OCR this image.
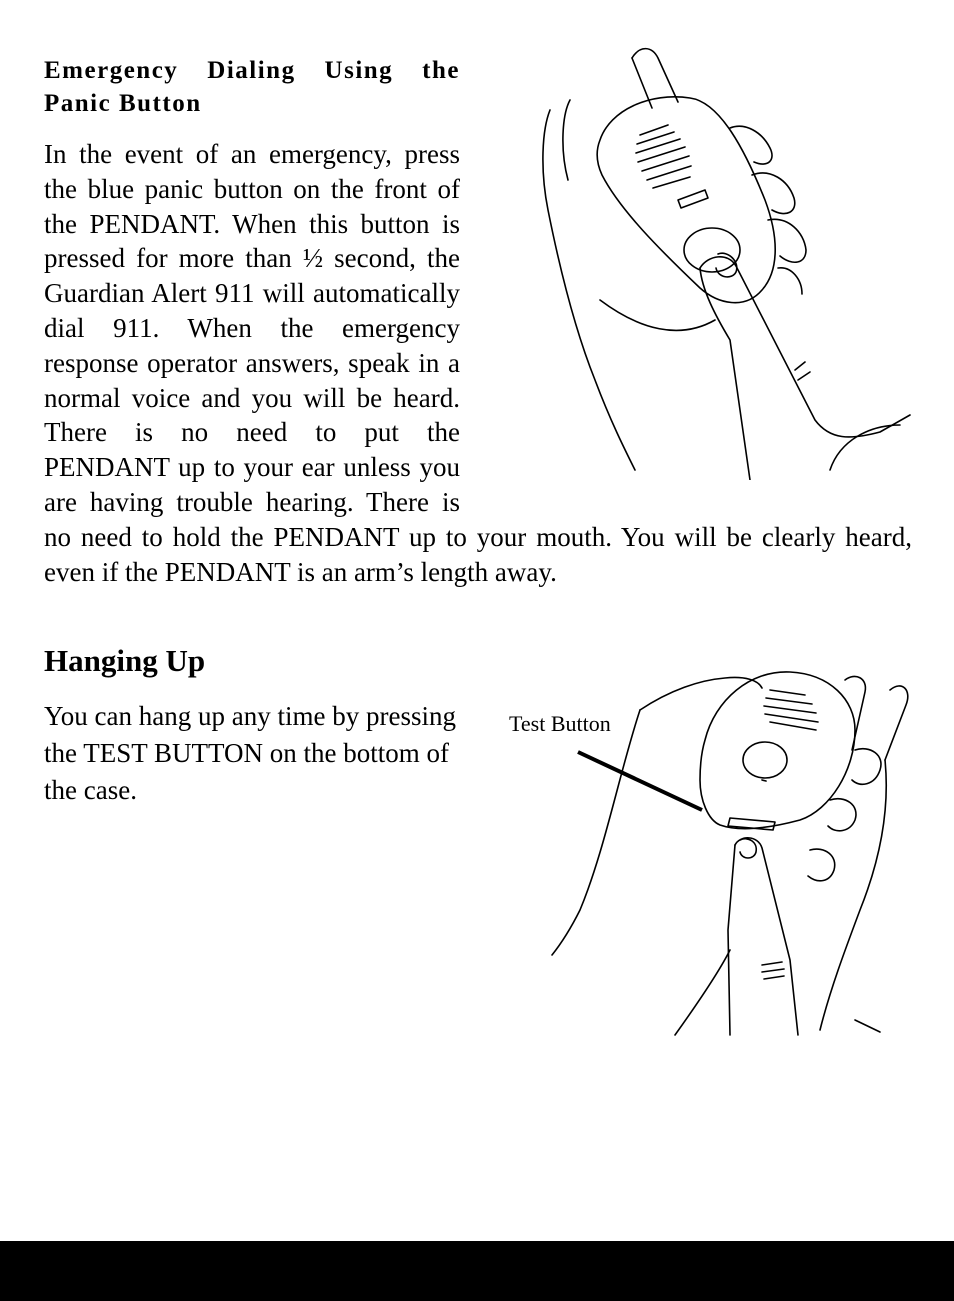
Emergency Dialing Using the Panic Button
In the event of an emergency, press the blue panic button on the front of the PENDANT. When this button is pressed for more than ½ second, the Guardian Alert 911 will automatically dial 911. When the emergency response operator answers, speak in a normal voice and you will be heard. There is no need to put the PENDANT up to your ear unless you are having trouble hearing. There is no need to hold the PENDANT up to your mouth. You will be clearly heard, even if the PENDANT is an arm’s length away.
Hanging Up
You can hang up any time by pressing the TEST BUTTON on the bottom of the case.
Test Button
